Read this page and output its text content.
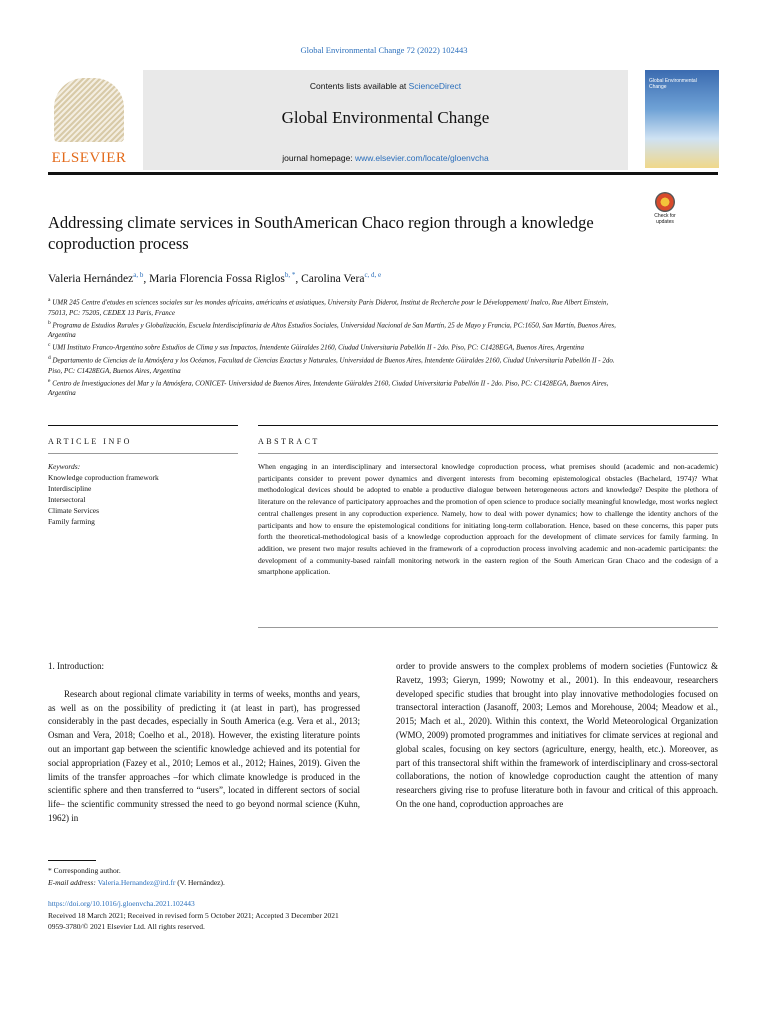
Global Environmental Change 72 (2022) 102443
ELSEVIER
Contents lists available at ScienceDirect
Global Environmental Change
journal homepage: www.elsevier.com/locate/gloenvcha
Global Environmental Change
Addressing climate services in SouthAmerican Chaco region through a knowledge coproduction process
Check for updates
Valeria Hernández$^{a, b}$, Maria Florencia Fossa Riglos$^{b, *}$, Carolina Vera$^{c, d, e}$
$^a$ UMR 245 Centre d'etudes en sciences sociales sur les mondes africains, américains et asiatiques, University Paris Diderot, Institut de Recherche pour le Développement/ Inalco, Rue Albert Einstein, 75013, PC: 75205, CEDEX 13 Paris, France
$^b$ Programa de Estudios Rurales y Globalización, Escuela Interdisciplinaria de Altos Estudios Sociales, Universidad Nacional de San Martín, 25 de Mayo y Francia, PC:1650, San Martín, Buenos Aires, Argentina
$^c$ UMI Instituto Franco-Argentino sobre Estudios de Clima y sus Impactos, Intendente Güiraldes 2160, Ciudad Universitaria Pabellón II - 2do. Piso, PC: C1428EGA, Buenos Aires, Argentina
$^d$ Departamento de Ciencias de la Atmósfera y los Océanos, Facultad de Ciencias Exactas y Naturales, Universidad de Buenos Aires, Intendente Güiraldes 2160, Ciudad Universitaria Pabellón II - 2do. Piso, PC: C1428EGA, Buenos Aires, Argentina
$^e$ Centro de Investigaciones del Mar y la Atmósfera, CONICET- Universidad de Buenos Aires, Intendente Güiraldes 2160, Ciudad Universitaria Pabellón II - 2do. Piso, PC: C1428EGA, Buenos Aires, Argentina
ARTICLE INFO	ABSTRACT
Keywords:
Knowledge coproduction framework
Interdiscipline
Intersectoral
Climate Services
Family farming
When engaging in an interdisciplinary and intersectoral knowledge coproduction process, what premises should (academic and non-academic) participants consider to prevent power dynamics and divergent interests from becoming epistemological obstacles (Bachelard, 1974)? What methodological devices should be adopted to enable a productive dialogue between heterogeneous actors and knowledge? Despite the plethora of literature on the relevance of participatory approaches and the promotion of open science to produce socially meaningful knowledge, most works neglect central challenges present in any coproduction experience. Namely, how to deal with power dynamics; how to challenge the identity anchors of the participants and how to ensure the epistemological conditions for initiating long-term collaboration. Hence, based on these concerns, this paper puts forth the theoretical-methodological basis of a knowledge coproduction approach for the development of climate services for family farming. In addition, we present two major results achieved in the framework of a coproduction process involving academic and non-academic participants: the development of a community-based rainfall monitoring network in the eastern region of the South American Gran Chaco and the codesign of a smartphone application.
1. Introduction:
Research about regional climate variability in terms of weeks, months and years, as well as on the possibility of predicting it (at least in part), has progressed considerably in the past decades, especially in South America (e.g. Vera et al., 2013; Osman and Vera, 2018; Coelho et al., 2018). However, the existing literature points out an important gap between the scientific knowledge achieved and its potential for social appropriation (Fazey et al., 2010; Lemos et al., 2012; Haines, 2019). Given the limits of the transfer approaches –for which climate knowledge is produced in the scientific sphere and then transferred to “users”, located in different sectors of social life– the scientific community stressed the need to go beyond normal science (Kuhn, 1962) in
order to provide answers to the complex problems of modern societies (Funtowicz & Ravetz, 1993; Gieryn, 1999; Nowotny et al., 2001). In this endeavour, researchers developed specific studies that brought into play innovative methodologies focused on transectoral interaction (Jasanoff, 2003; Lemos and Morehouse, 2004; Meadow et al., 2015; Mach et al., 2020). Within this context, the World Meteorological Organization (WMO, 2009) promoted programmes and initiatives for climate services at regional and global scales, focusing on key sectors (agriculture, energy, health, etc.). Moreover, as part of this transectoral shift within the framework of interdisciplinary and cross-sectoral collaborations, the notion of knowledge coproduction caught the attention of many researchers giving rise to profuse literature both in favour and critical of this approach. On the one hand, coproduction approaches are
* Corresponding author.
E-mail address: Valeria.Hernandez@ird.fr (V. Hernández).
https://doi.org/10.1016/j.gloenvcha.2021.102443
Received 18 March 2021; Received in revised form 5 October 2021; Accepted 3 December 2021
0959-3780/© 2021 Elsevier Ltd. All rights reserved.
